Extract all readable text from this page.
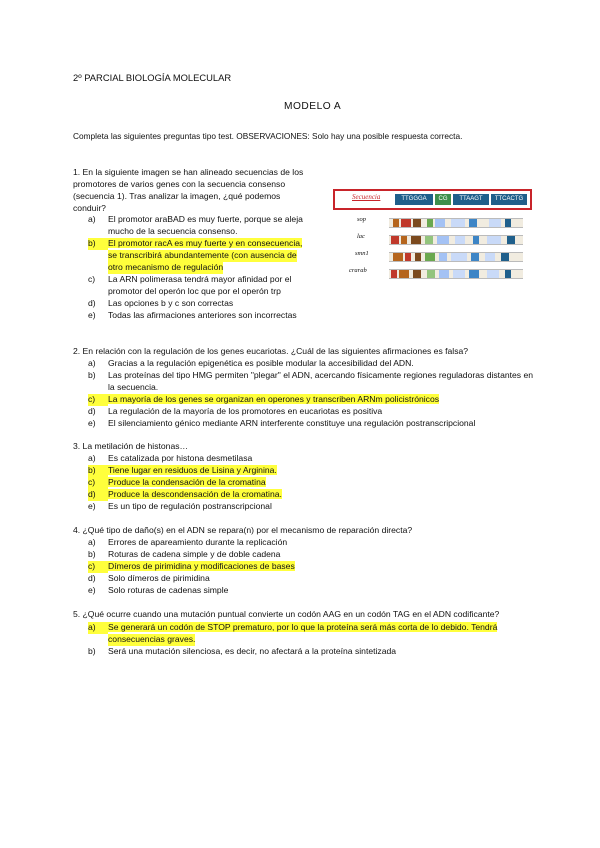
2º PARCIAL BIOLOGÍA MOLECULAR
MODELO A
Completa las siguientes preguntas tipo test. OBSERVACIONES: Solo hay una posible respuesta correcta.
1. En la siguiente imagen se han alineado secuencias de los
promotores de varios genes con la secuencia consenso
(secuencia 1). Tras analizar la imagen, ¿qué podemos
conduir?
a) El promotor araBAD es muy fuerte, porque se aleja
mucho de la secuencia consenso.
b) El promotor racA es muy fuerte y en consecuencia,
se transcribirá abundantemente (con ausencia de
otro mecanismo de regulación
c) La ARN polimerasa tendrá mayor afinidad por el
promotor del operón loc que por el operón trp
d) Las opciones b y c son correctas
e) Todas las afirmaciones anteriores son incorrectas
Secuencia	TTGGGA	CG	TTAAGT	TTCACTG
sop
lac
smn1
crarab
2. En relación con la regulación de los genes eucariotas. ¿Cuál de las siguientes afirmaciones es falsa?
a) Gracias a la regulación epigenética es posible modular la accesibilidad del ADN.
b) Las proteínas del tipo HMG permiten "plegar" el ADN, acercando físicamente regiones reguladoras distantes en
la secuencia.
c) La mayoría de los genes se organizan en operones y transcriben ARNm policistrónicos
d) La regulación de la mayoría de los promotores en eucariotas es positiva
e) El silenciamiento génico mediante ARN interferente constituye una regulación postranscripcional
3. La metilación de histonas…
a) Es catalizada por histona desmetilasa
b) Tiene lugar en residuos de Lisina y Arginina.
c) Produce la condensación de la cromatina
d) Produce la descondensación de la cromatina.
e) Es un tipo de regulación postranscripcional
4. ¿Qué tipo de daño(s) en el ADN se repara(n) por el mecanismo de reparación directa?
a) Errores de apareamiento durante la replicación
b) Roturas de cadena simple y de doble cadena
c) Dímeros de pirimidina y modificaciones de bases
d) Solo dímeros de pirimidina
e) Solo roturas de cadenas simple
5. ¿Qué ocurre cuando una mutación puntual convierte un codón AAG en un codón TAG en el ADN codificante?
a) Se generará un codón de STOP prematuro, por lo que la proteína será más corta de lo debido. Tendrá
consecuencias graves.
b) Será una mutación silenciosa, es decir, no afectará a la proteína sintetizada
